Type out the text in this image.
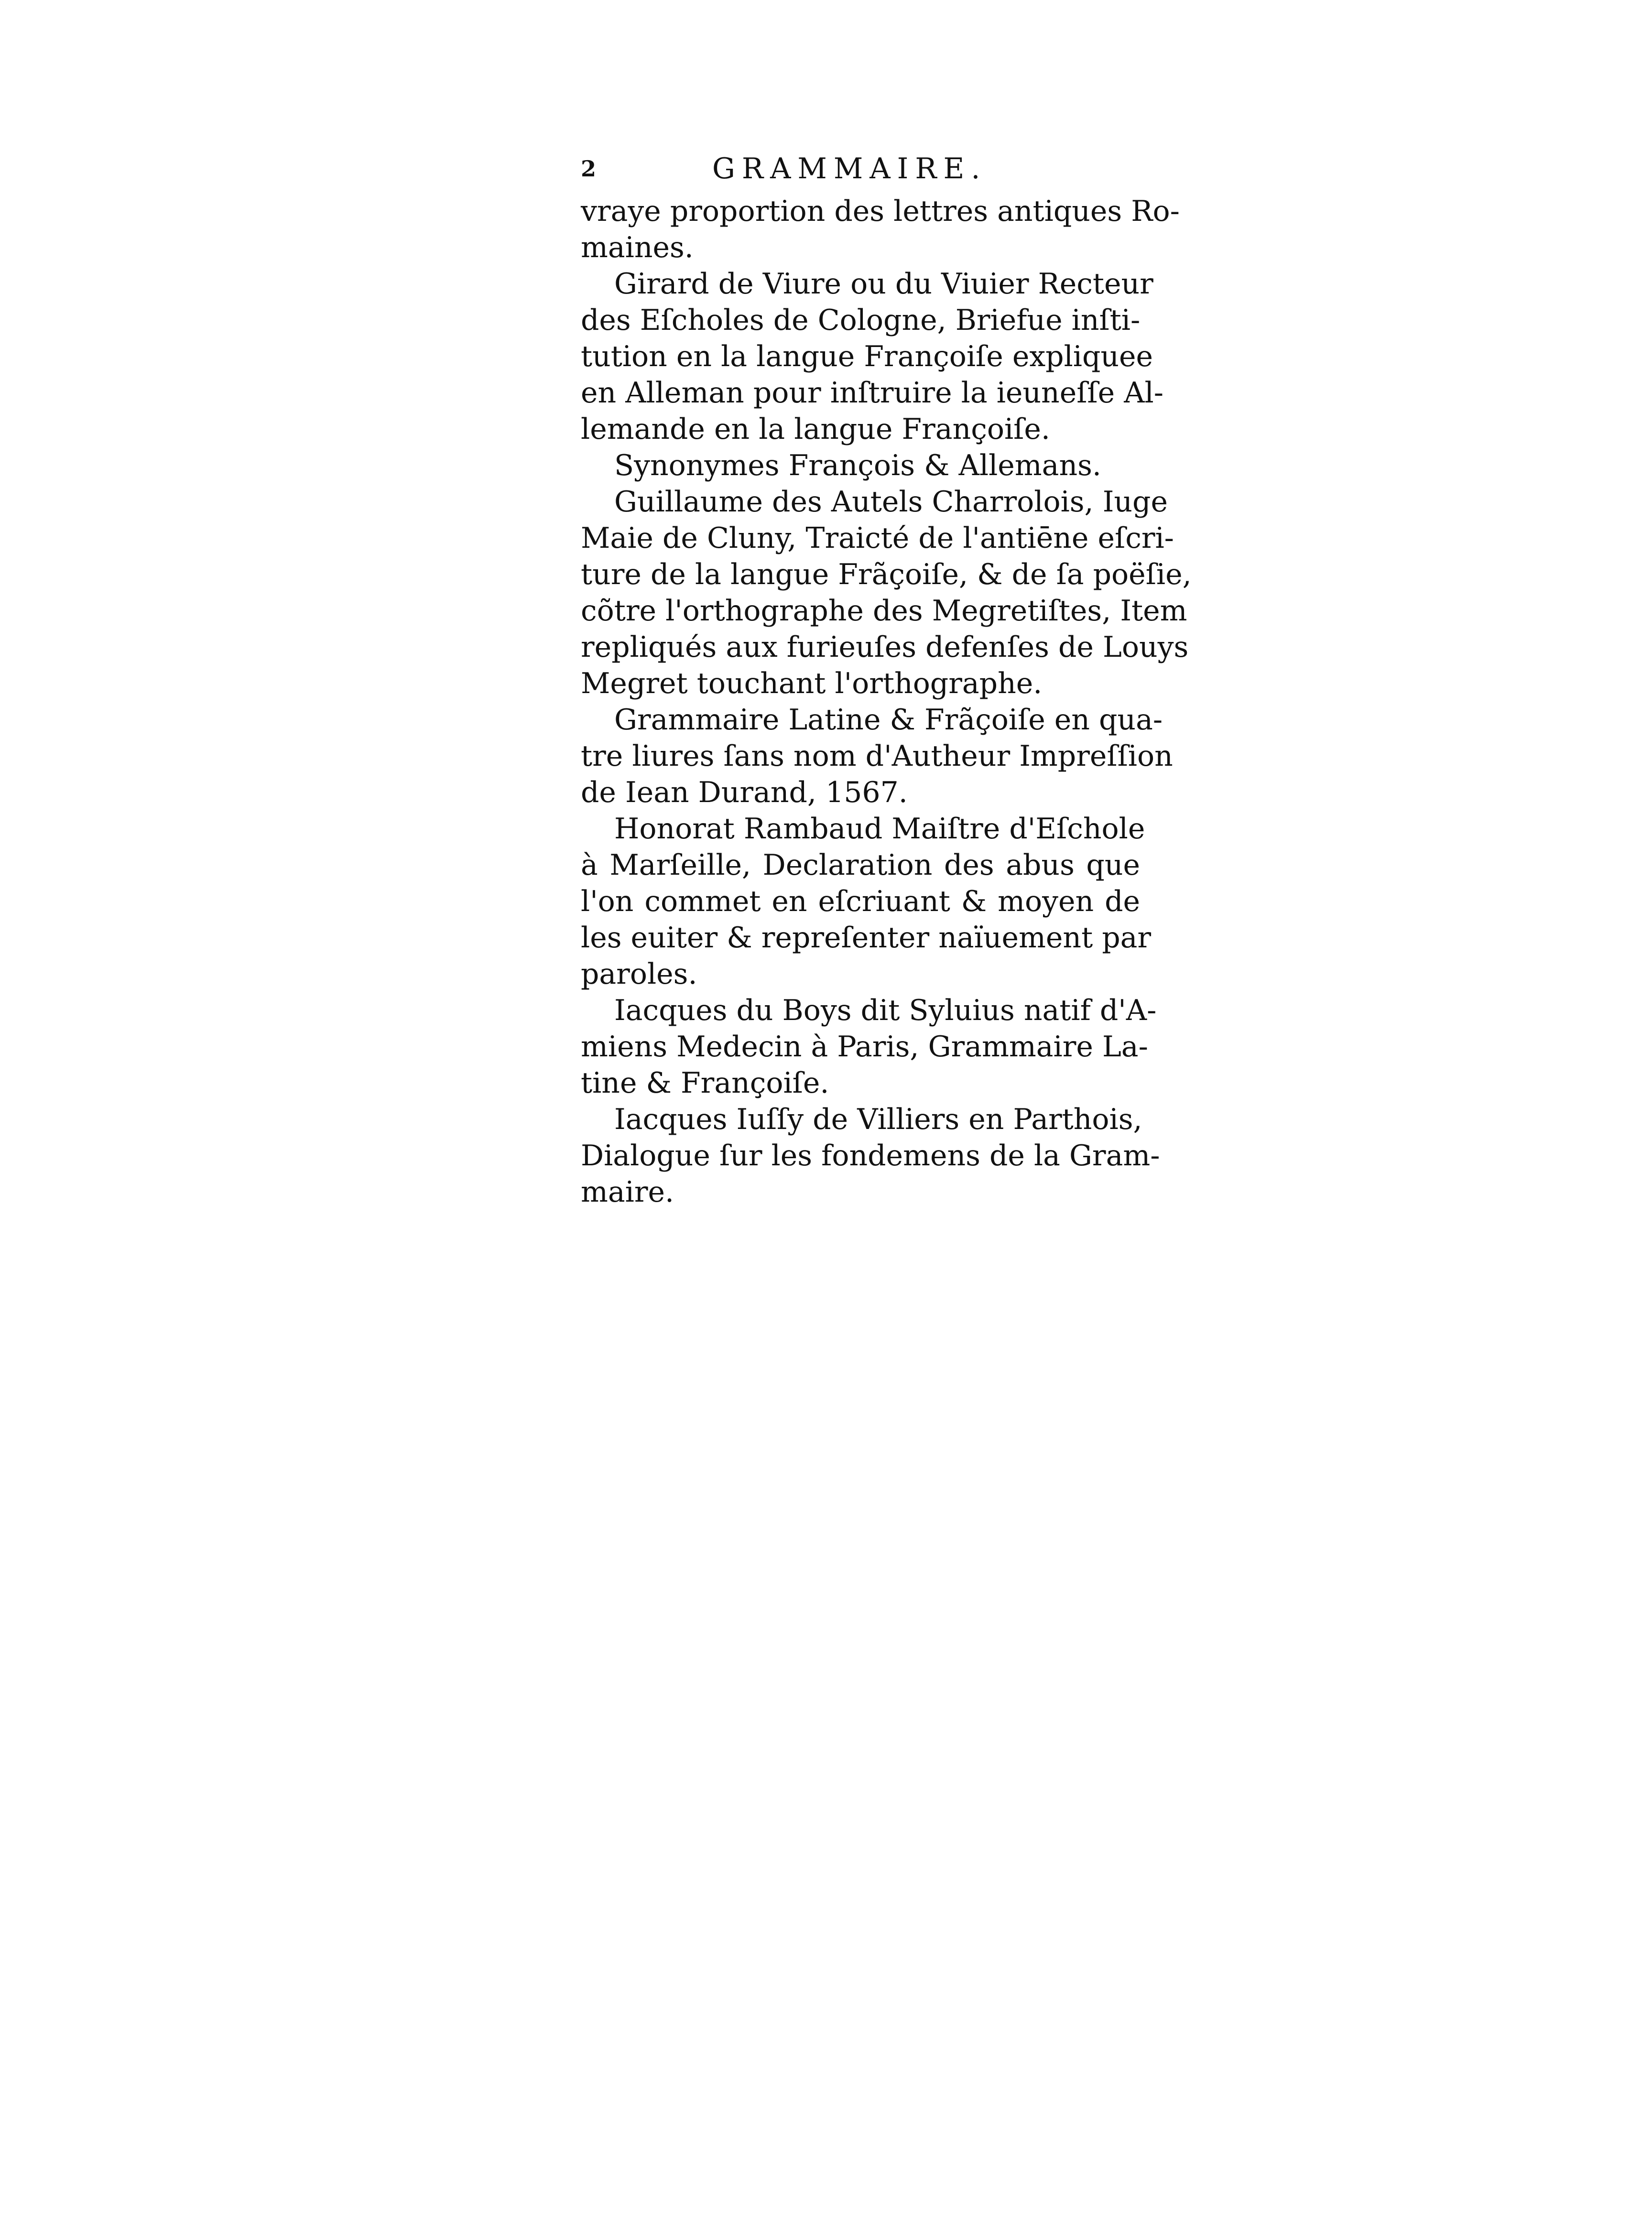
2	GRAMMAIRE.
vraye proportion des lettres antiques Ro-
maines.
Girard de Viure ou du Viuier Recteur
des Eſcholes de Cologne, Briefue inſti-
tution en la langue Françoiſe expliquee
en Alleman pour inſtruire la ieuneſſe Al-
lemande en la langue Françoiſe.
Synonymes François & Allemans.
Guillaume des Autels Charrolois, Iuge
Maie de Cluny, Traicté de l'antiēne eſcri-
ture de la langue Frãçoiſe, & de ſa poëſie,
cõtre l'orthographe des Megretiſtes, Item
repliqués aux furieuſes defenſes de Louys
Megret touchant l'orthographe.
Grammaire Latine & Frãçoiſe en qua-
tre liures ſans nom d'Autheur Impreſſion
de Iean Durand, 1567.
Honorat Rambaud Maiſtre d'Eſchole
à Marſeille, Declaration des abus que
l'on commet en eſcriuant & moyen de
les euiter & repreſenter naïuement par
paroles.
Iacques du Boys dit Syluius natif d'A-
miens Medecin à Paris, Grammaire La-
tine & Françoiſe.
Iacques Iuſſy de Villiers en Parthois,
Dialogue ſur les fondemens de la Gram-
maire.
